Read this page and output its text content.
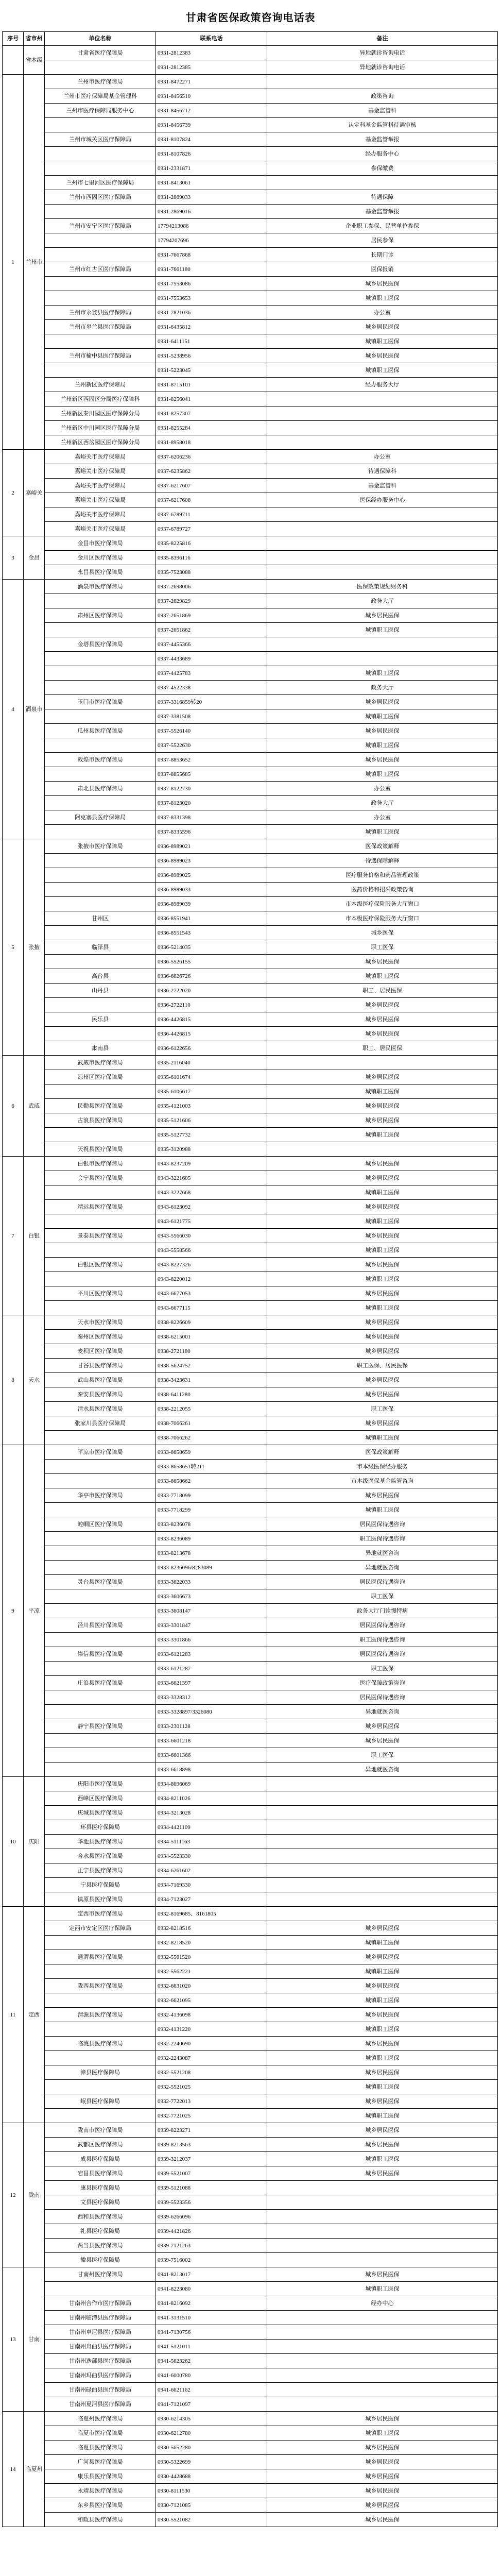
甘肃省医保政策咨询电话表
序号	省市州	单位名称	联系电话	备注
	省本级	甘肃省医疗保障局	0931-2812383	异地就诊咨询电话
			0931-2812385	异地就诊咨询电话
1	兰州市	兰州市医疗保障局	0931-8472271	
		兰州市医疗保障局基金管理科	0931-8456510	政策咨询
		兰州市医疗保障局服务中心	0931-8456712	基金监管科
			0931-8456739	认定科基金监管科待遇审核
		兰州市城关区医疗保障局	0931-8107824	基金监管举报
			0931-8107826	经办服务中心
			0931-2331871	参保缴费
		兰州市七里河区医疗保障局	0931-8413061	
		兰州市西固区医疗保障局	0931-2869033	待遇保障
			0931-2869016	基金监管举报
		兰州市安宁区医疗保障局	17794213086	企业职工参保、民营单位参保
			17794207696	居民参保
			0931-7667868	长期门诊
		兰州市红古区医疗保障局	0931-7661180	医保报销
			0931-7553086	城乡居民医保
			0931-7553653	城镇职工医保
		兰州市永登县医疗保障局	0931-7821036	办公室
		兰州市皋兰县医疗保障局	0931-6435812	城乡居民医保
			0931-6411151	城镇职工医保
		兰州市榆中县医疗保障局	0931-5238956	城乡居民医保
			0931-5223045	城镇职工医保
		兰州新区医疗保障局	0931-8715101	经办服务大厅
		兰州新区西固区分局医疗保障科	0931-8256041	
		兰州新区秦川园区医疗保障分局	0931-8257307	
		兰州新区中川园区医疗保障分局	0931-8255284	
		兰州新区西岔园区医疗保障分局	0931-8958018	
2	嘉峪关	嘉峪关市医疗保障局	0937-6206236	办公室
		嘉峪关市医疗保障局	0937-6235862	待遇保障科
		嘉峪关市医疗保障局	0937-6217607	基金监管科
		嘉峪关市医疗保障局	0937-6217608	医保经办服务中心
		嘉峪关市医疗保障局	0937-6789711	
		嘉峪关市医疗保障局	0937-6789727	
3	金昌	金昌市医疗保障局	0935-8225816	
		金川区医疗保障局	0935-8396116	
		永昌县医疗保障局	0935-7523088	
4	酒泉市	酒泉市医疗保障局	0937-2698006	医保政策规划财务科
			0937-2629829	政务大厅
		肃州区医疗保障局	0937-2651869	城乡居民医保
			0937-2651862	城镇职工医保
		金塔县医疗保障局	0937-4455366	
			0937-4433689	
			0937-4425783	城镇职工医保
			0937-4522338	政务大厅
		玉门市医疗保障局	0937-3316859转20	城乡居民医保
			0937-3381508	城镇职工医保
		瓜州县医疗保障局	0937-5526140	城乡居民医保
			0937-5522630	城镇职工医保
		敦煌市医疗保障局	0937-8853652	城乡居民医保
			0937-8855685	城镇职工医保
		肃北县医疗保障局	0937-8122730	办公室
			0937-8123020	政务大厅
		阿克塞县医疗保障局	0937-8331398	办公室
			0937-8335596	城镇职工医保
5	张掖	张掖市医疗保障局	0936-8989021	医保政策解释
			0936-8989023	待遇保障解释
			0936-8989025	医疗服务价格和药品管理政策
			0936-8989033	医药价格和招采政策咨询
			0936-8989039	市本级医疗保险服务大厅窗口
		甘州区	0936-8551941	市本级医疗保险服务大厅窗口
			0936-8551543	城乡医保
		临泽县	0936-5214035	职工医保
			0936-5526155	城乡居民医保
		高台县	0936-6626726	城镇职工医保
		山丹县	0936-2722020	职工、居民医保
			0936-2722110	城乡居民医保
		民乐县	0936-4426815	城乡居民医保
			0936-4426815	城乡居民医保
		肃南县	0936-6122656	职工、居民医保
6	武威	武威市医疗保障局	0935-2116040	
		凉州区医疗保障局	0935-6101674	城乡居民医保
			0935-6106617	城镇职工医保
		民勤县医疗保障局	0935-4121003	城乡居民医保
		古浪县医疗保障局	0935-5121606	城乡居民医保
			0935-5127732	城镇职工医保
		天祝县医疗保障局	0935-3120988	
7	白银	白银市医疗保障局	0943-8237209	城乡居民医保
		会宁县医疗保障局	0943-3221605	城乡居民医保
			0943-3227668	城镇职工医保
		靖远县医疗保障局	0943-6123092	城乡居民医保
			0943-6121775	城镇职工医保
		景泰县医疗保障局	0943-5566030	城乡居民医保
			0943-5558566	城镇职工医保
		白银区医疗保障局	0943-8227326	城乡居民医保
			0943-8220012	城镇职工医保
		平川区医疗保障局	0943-6677053	城乡居民医保
			0943-6677115	城镇职工医保
8	天水	天水市医疗保障局	0938-8226609	城乡居民医保
		秦州区医疗保障局	0938-6215001	城乡居民医保
		麦积区医疗保障局	0938-2721180	城乡居民医保
		甘谷县医疗保障局	0938-5624752	职工医保、居民医保
		武山县医疗保障局	0938-3423631	城乡居民医保
		秦安县医疗保障局	0938-6411280	城乡居民医保
		清水县医疗保障局	0938-2212055	职工医保
		张家川县医疗保障局	0938-7066261	城乡居民医保
			0938-7066262	城镇职工医保
9	平凉	平凉市医疗保障局	0933-8658659	医保政策解释
			0933-8658651转211	市本级医保经办服务
			0933-8658662	市本级医保基金监管咨询
		华亭市医疗保障局	0933-7718099	城乡居民医保
			0933-7718299	城镇职工医保
		崆峒区医疗保障局	0933-8236078	居民医保待遇咨询
			0933-8236089	职工医保待遇咨询
			0933-8213678	异地就医咨询
			0933-8236096/8283089	异地就医咨询
		灵台县医疗保障局	0933-3622033	居民医保待遇咨询
			0933-3606673	职工医保
			0933-3608147	政务大厅门诊慢特病
		泾川县医疗保障局	0933-3301847	居民医保待遇咨询
			0933-3301866	职工医保待遇咨询
		崇信县医疗保障局	0933-6121283	居民医保待遇咨询
			0933-6121287	职工医保
		庄浪县医疗保障局	0933-6621397	医疗保障政策咨询
			0933-3328312	居民医保待遇咨询
			0933-3328897/3326080	异地就医咨询
		静宁县医疗保障局	0933-2301128	城乡居民医保
			0933-6601218	城乡居民医保
			0933-6601366	职工医保
			0933-6618898	异地就医咨询
10	庆阳	庆阳市医疗保障局	0934-8696069	
		西峰区医疗保障局	0934-8211026	
		庆城县医疗保障局	0934-3213028	
		环县医疗保障局	0934-4421109	
		华池县医疗保障局	0934-5111163	
		合水县医疗保障局	0934-5523330	
		正宁县医疗保障局	0934-6261602	
		宁县医疗保障局	0934-7169330	
		镇原县医疗保障局	0934-7123027	
11	定西	定西市医疗保障局	0932-8169685、8161805	
		定西市安定区医疗保障局	0932-8218516	城乡居民医保
			0932-8218520	城镇职工医保
		通渭县医疗保障局	0932-5561520	城乡居民医保
			0932-5562221	城镇职工医保
		陇西县医疗保障局	0932-6631020	城乡居民医保
			0932-6621095	城镇职工医保
		渭源县医疗保障局	0932-4136098	城乡居民医保
			0932-4131220	城镇职工医保
		临洮县医疗保障局	0932-2240690	城乡居民医保
			0932-2243087	城镇职工医保
		漳县医疗保障局	0932-5521208	城乡居民医保
			0932-5521025	城镇职工医保
		岷县医疗保障局	0932-7722013	城乡居民医保
			0932-7721025	城镇职工医保
12	陇南	陇南市医疗保障局	0939-8223271	城乡居民医保
		武都区医疗保障局	0939-8213563	城乡居民医保
		成县医疗保障局	0939-3212037	城镇职工医保
		宕昌县医疗保障局	0939-5521007	城乡居民医保
		康县医疗保障局	0939-5121088	
		文县医疗保障局	0939-5523356	
		西和县医疗保障局	0939-6266096	
		礼县医疗保障局	0939-4421826	
		两当县医疗保障局	0939-7121263	
		徽县医疗保障局	0939-7516002	
13	甘南	甘南州医疗保障局	0941-8213017	城乡居民医保
			0941-8223080	城镇职工医保
		甘南州合作市医疗保障局	0941-8216092	经办中心
		甘南州临潭县医疗保障局	0941-3131510	
		甘南州卓尼县医疗保障局	0941-7130756	
		甘南州舟曲县医疗保障局	0941-5121011	
		甘南州迭部县医疗保障局	0941-5623262	
		甘南州玛曲县医疗保障局	0941-6000780	
		甘南州碌曲县医疗保障局	0941-6621162	
		甘南州夏河县医疗保障局	0941-7121097	
14	临夏州	临夏州医疗保障局	0930-6214305	城乡居民医保
		临夏市医疗保障局	0930-6212780	城镇职工医保
		临夏县医疗保障局	0930-5652280	城乡居民医保
		广河县医疗保障局	0930-5322699	城乡居民医保
		康乐县医疗保障局	0930-4428688	城乡居民医保
		永靖县医疗保障局	0930-8111530	城乡居民医保
		东乡县医疗保障局	0930-7121085	城乡居民医保
		和政县医疗保障局	0930-5521082	城乡居民医保
